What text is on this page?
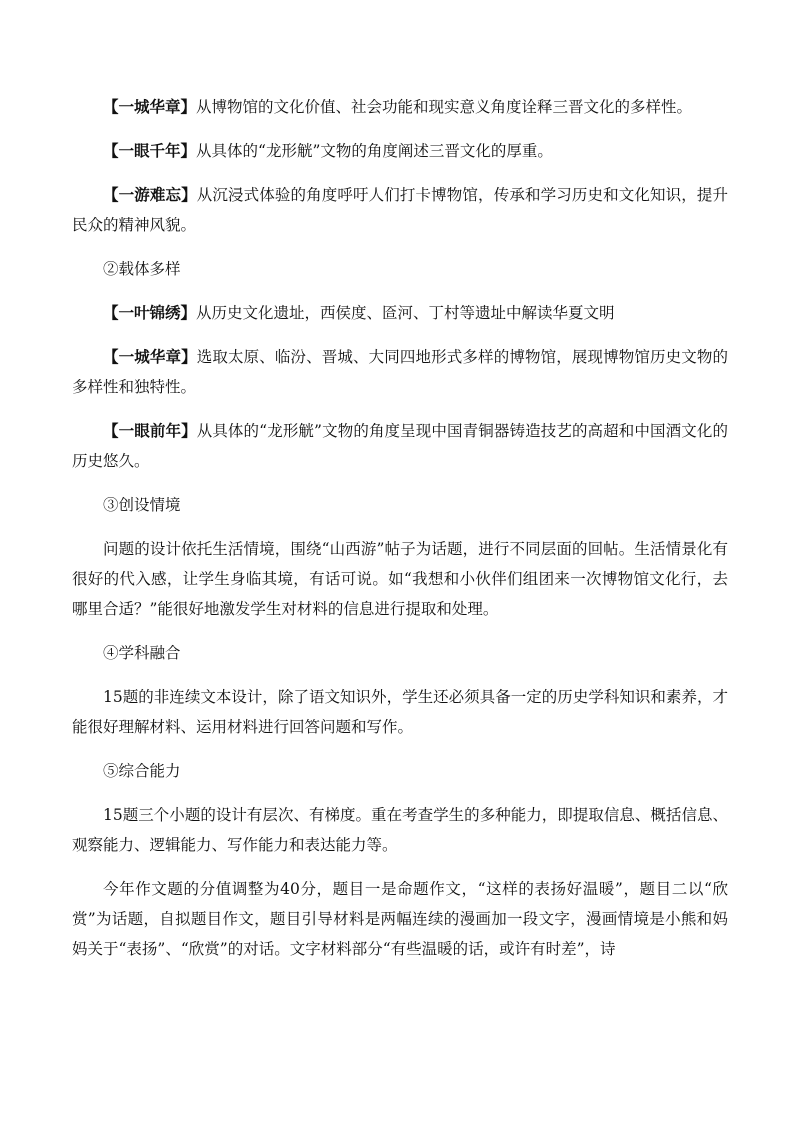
【一城华章】从博物馆的文化价值、社会功能和现实意义角度诠释三晋文化的多样性。

【一眼千年】从具体的“龙形觥”文物的角度阐述三晋文化的厚重。

【一游难忘】从沉浸式体验的角度呼吁人们打卡博物馆，传承和学习历史和文化知识，提升民众的精神风貌。

②载体多样

【一叶锦绣】从历史文化遗址，西侯度、匼河、丁村等遗址中解读华夏文明

【一城华章】选取太原、临汾、晋城、大同四地形式多样的博物馆，展现博物馆历史文物的多样性和独特性。

【一眼前年】从具体的“龙形觥”文物的角度呈现中国青铜器铸造技艺的高超和中国酒文化的历史悠久。

③创设情境

问题的设计依托生活情境，围绕“山西游”帖子为话题，进行不同层面的回帖。生活情景化有很好的代入感，让学生身临其境，有话可说。如“我想和小伙伴们组团来一次博物馆文化行，去哪里合适？”能很好地激发学生对材料的信息进行提取和处理。

④学科融合

15题的非连续文本设计，除了语文知识外，学生还必须具备一定的历史学科知识和素养，才能很好理解材料、运用材料进行回答问题和写作。

⑤综合能力

15题三个小题的设计有层次、有梯度。重在考查学生的多种能力，即提取信息、概括信息、观察能力、逻辑能力、写作能力和表达能力等。

今年作文题的分值调整为40分，题目一是命题作文，“这样的表扬好温暖”，题目二以“欣赏”为话题，自拟题目作文，题目引导材料是两幅连续的漫画加一段文字，漫画情境是小熊和妈妈关于“表扬”、“欣赏”的对话。文字材料部分“有些温暖的话，或许有时差”，诗
